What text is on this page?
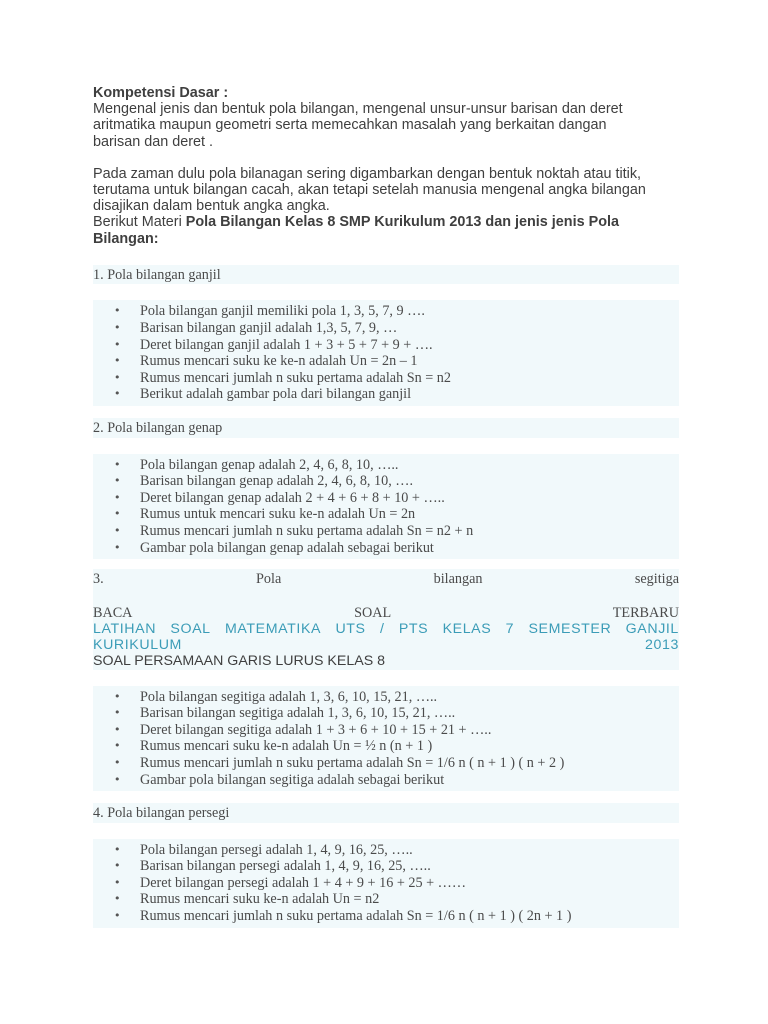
Kompetensi Dasar :

Mengenal jenis dan bentuk pola bilangan, mengenal unsur-unsur barisan dan deret
aritmatika maupun geometri serta memecahkan masalah yang berkaitan dangan
barisan dan deret .
Pada zaman dulu pola bilanagan sering digambarkan dengan bentuk noktah atau titik,
terutama untuk bilangan cacah, akan tetapi setelah manusia mengenal angka bilangan
disajikan dalam bentuk angka angka.
Berikut Materi Pola Bilangan Kelas 8 SMP Kurikulum 2013 dan jenis jenis Pola
Bilangan:
1. Pola bilangan ganjil
• Pola bilangan ganjil memiliki pola 1, 3, 5, 7, 9 ….
• Barisan bilangan ganjil adalah 1,3, 5, 7, 9, …
• Deret bilangan ganjil adalah 1 + 3 + 5 + 7 + 9 + ….
• Rumus mencari suku ke ke-n adalah Un = 2n – 1
• Rumus mencari jumlah n suku pertama adalah Sn = n2
• Berikut adalah gambar pola dari bilangan ganjil
2. Pola bilangan genap
• Pola bilangan genap adalah 2, 4, 6, 8, 10, …..
• Barisan bilangan genap adalah 2, 4, 6, 8, 10, ….
• Deret bilangan genap adalah 2 + 4 + 6 + 8 + 10 + …..
• Rumus untuk mencari suku ke-n adalah Un = 2n
• Rumus mencari jumlah n suku pertama adalah Sn = n2 + n
• Gambar pola bilangan genap adalah sebagai berikut
3.	Pola	bilangan	segitiga
BACA	SOAL	TERBARU
LATIHAN SOAL MATEMATIKA UTS / PTS KELAS 7 SEMESTER GANJIL
KURIKULUM	2013
SOAL PERSAMAAN GARIS LURUS KELAS 8
• Pola bilangan segitiga adalah 1, 3, 6, 10, 15, 21, …..
• Barisan bilangan segitiga adalah 1, 3, 6, 10, 15, 21, …..
• Deret bilangan segitiga adalah 1 + 3 + 6 + 10 + 15 + 21 + …..
• Rumus mencari suku ke-n adalah Un = ½ n (n + 1 )
• Rumus mencari jumlah n suku pertama adalah Sn = 1/6 n ( n + 1 ) ( n + 2 )
• Gambar pola bilangan segitiga adalah sebagai berikut
4. Pola bilangan persegi
• Pola bilangan persegi adalah 1, 4, 9, 16, 25, …..
• Barisan bilangan persegi adalah 1, 4, 9, 16, 25, …..
• Deret bilangan persegi adalah 1 + 4 + 9 + 16 + 25 + ……
• Rumus mencari suku ke-n adalah Un = n2
• Rumus mencari jumlah n suku pertama adalah Sn = 1/6 n ( n + 1 ) ( 2n + 1 )
